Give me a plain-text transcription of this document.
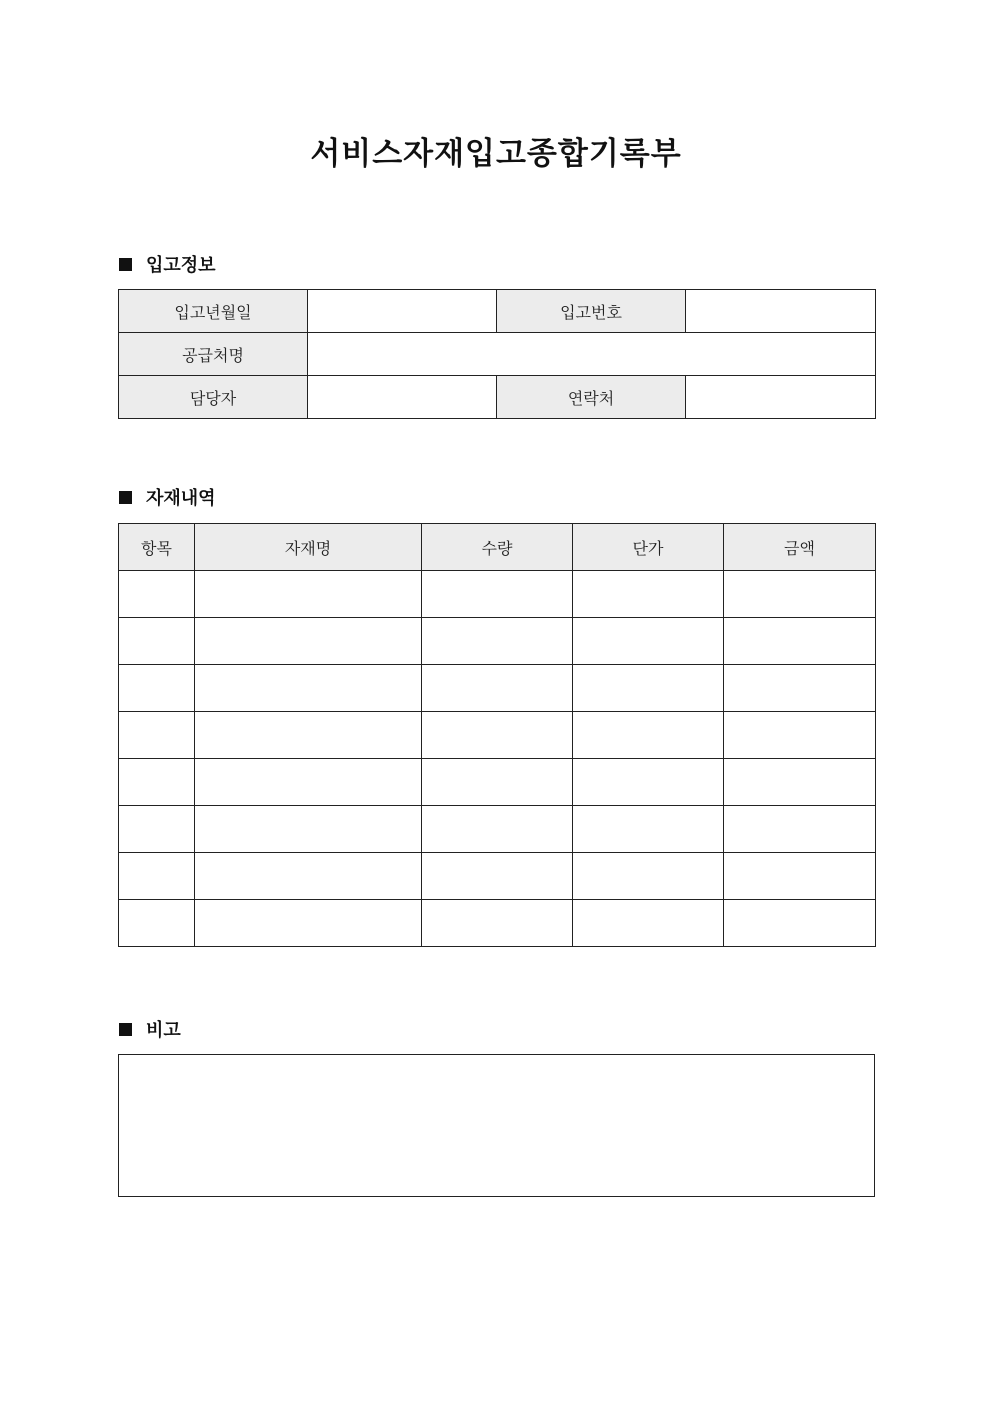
서비스자재입고종합기록부
입고정보
입고년월일		입고번호	
공급처명			
담당자		연락처	
자재내역
항목	자재명	수량	단가	금액

비고
